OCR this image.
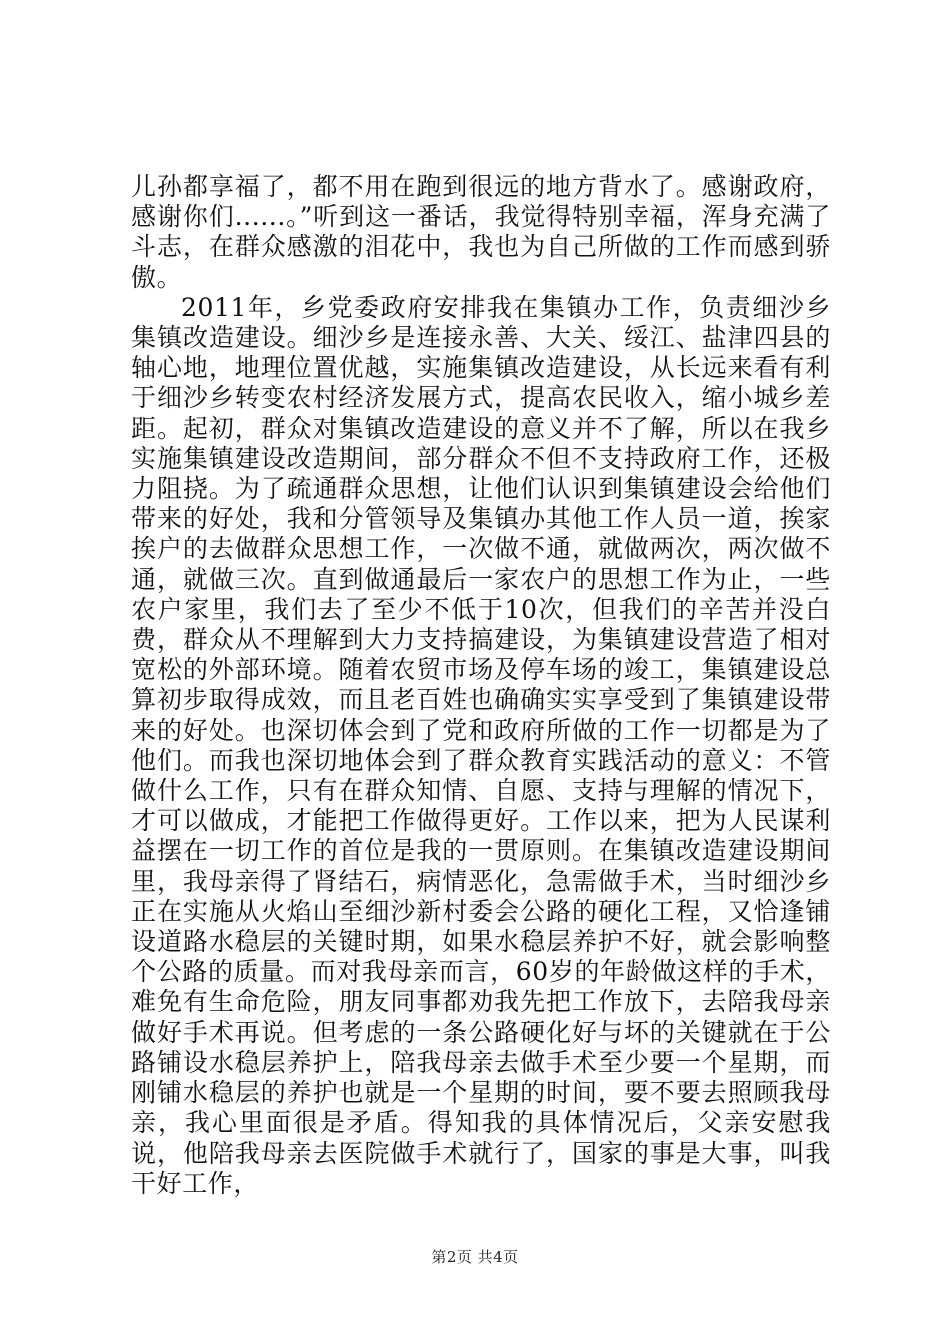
儿孙都享福了，都不用在跑到很远的地方背水了。感谢政府，感谢你们......。”听到这一番话，我觉得特别幸福，浑身充满了斗志，在群众感激的泪花中，我也为自己所做的工作而感到骄傲。

2011年，乡党委政府安排我在集镇办工作，负责细沙乡集镇改造建设。细沙乡是连接永善、大关、绥江、盐津四县的轴心地，地理位置优越，实施集镇改造建设，从长远来看有利于细沙乡转变农村经济发展方式，提高农民收入，缩小城乡差距。起初，群众对集镇改造建设的意义并不了解，所以在我乡实施集镇建设改造期间，部分群众不但不支持政府工作，还极力阻挠。为了疏通群众思想，让他们认识到集镇建设会给他们带来的好处，我和分管领导及集镇办其他工作人员一道，挨家挨户的去做群众思想工作，一次做不通，就做两次，两次做不通，就做三次。直到做通最后一家农户的思想工作为止，一些农户家里，我们去了至少不低于10次，但我们的辛苦并没白费，群众从不理解到大力支持搞建设，为集镇建设营造了相对宽松的外部环境。随着农贸市场及停车场的竣工，集镇建设总算初步取得成效，而且老百姓也确确实实享受到了集镇建设带来的好处。也深切体会到了党和政府所做的工作一切都是为了他们。而我也深切地体会到了群众教育实践活动的意义：不管做什么工作，只有在群众知情、自愿、支持与理解的情况下，才可以做成，才能把工作做得更好。工作以来，把为人民谋利益摆在一切工作的首位是我的一贯原则。在集镇改造建设期间里，我母亲得了肾结石，病情恶化，急需做手术，当时细沙乡正在实施从火焰山至细沙新村委会公路的硬化工程，又恰逢铺设道路水稳层的关键时期，如果水稳层养护不好，就会影响整个公路的质量。而对我母亲而言，60岁的年龄做这样的手术，难免有生命危险，朋友同事都劝我先把工作放下，去陪我母亲做好手术再说。但考虑的一条公路硬化好与坏的关键就在于公路铺设水稳层养护上，陪我母亲去做手术至少要一个星期，而刚铺水稳层的养护也就是一个星期的时间，要不要去照顾我母亲，我心里面很是矛盾。得知我的具体情况后，父亲安慰我说，他陪我母亲去医院做手术就行了，国家的事是大事，叫我干好工作，

第2页 共4页
